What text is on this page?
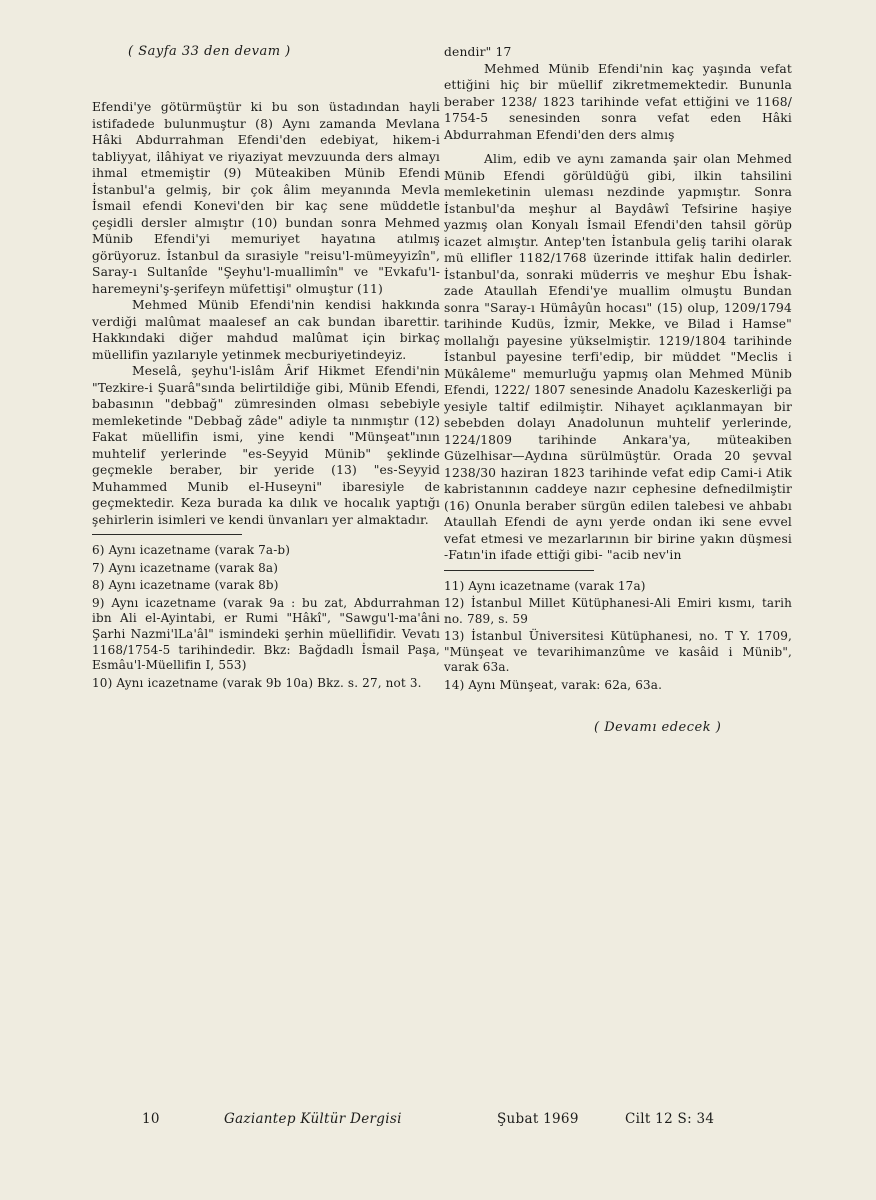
( Sayfa 33 den devam )

Efendi'ye götürmüştür ki bu son üstadından hayli istifadede bulunmuştur (8) Aynı zamanda Mevlana Hâki Abdurrahman Efendi'den edebiyat, hikem-i tabliyyat, ilâhiyat ve riyaziyat mevzuunda ders almayı ihmal etmemiştir (9) Müteakiben Münib Efendi İstanbul'a gelmiş, bir çok âlim meyanında Mevla İsmail efendi Konevi'den bir kaç sene müddetle çeşidli dersler almıştır (10) bundan sonra Mehmed Münib Efendi'yi memuriyet hayatına atılmış görüyoruz. İstanbul da sırasiyle "reisu'l-mümeyyizîn", Saray-ı Sultanîde "Şeyhu'l-muallimîn" ve "Evkafu'l-haremeyni'ş-şerifeyn müfettişi" olmuştur (11)

Mehmed Münib Efendi'nin kendisi hakkında verdiği malûmat maalesef an cak bundan ibarettir. Hakkındaki diğer mahdud malûmat için birkaç müellifin yazılarıyle yetinmek mecburiyetindeyiz.

Meselâ, şeyhu'l-islâm Ârif Hikmet Efendi'nin "Tezkire-i Şuarâ"sında belirtildiğe gibi, Münib Efendi, babasının "debbağ" zümresinden olması sebebiyle memleketinde "Debbağ zâde" adiyle ta nınmıştır (12) Fakat müellifin ismi, yine kendi "Münşeat"ının muhtelif yerlerinde "es-Seyyid Münib" şeklinde geçmekle beraber, bir yeride (13) "es-Seyyid Muhammed Munib el-Huseyni" ibaresiyle de geçmektedir. Keza burada ka dılık ve hocalık yaptığı şehirlerin isimleri ve kendi ünvanları yer almaktadır.

6) Aynı icazetname (varak 7a-b)
7) Aynı icazetname (varak 8a)
8) Aynı icazetname (varak 8b)
9) Aynı icazetname (varak 9a : bu zat, Abdurrahman ibn Ali el-Ayintabi, er Rumi "Hâkî", "Sawgu'l-ma'âni Şarhi Nazmi'lLa'âl" ismindeki şerhin müellifidir. Vevatı 1168/1754-5 tarihindedir. Bkz: Bağdadlı İsmail Paşa, Esmâu'l-Müellifin I, 553)
10) Aynı icazetname (varak 9b 10a) Bkz. s. 27, not 3.

dendir" 17

Mehmed Münib Efendi'nin kaç yaşında vefat ettiğini hiç bir müellif zikretmemektedir. Bununla beraber 1238/ 1823 tarihinde vefat ettiğini ve 1168/ 1754-5 senesinden sonra vefat eden Hâki Abdurrahman Efendi'den ders almış

Alim, edib ve aynı zamanda şair olan Mehmed Münib Efendi görüldüğü gibi, ilkin tahsilini memleketinin uleması nezdinde yapmıştır. Sonra İstanbul'da meşhur al Baydâwî Tefsirine haşiye yazmış olan Konyalı İsmail Efendi'den tahsil görüp icazet almıştır. Antep'ten İstanbula geliş tarihi olarak mü ellifler 1182/1768 üzerinde ittifak halin dedirler. İstanbul'da, sonraki müderris ve meşhur Ebu İshak-zade Ataullah Efendi'ye muallim olmuştu Bundan sonra "Saray-ı Hümâyûn hocası" (15) olup, 1209/1794 tarihinde Kudüs, İzmir, Mekke, ve Bilad i Hamse" mollalığı payesine yükselmiştir. 1219/1804 tarihinde İstanbul payesine terfi'edip, bir müddet "Meclis i Mükâleme" memurluğu yapmış olan Mehmed Münib Efendi, 1222/ 1807 senesinde Anadolu Kazeskerliği pa yesiyle taltif edilmiştir. Nihayet açıklanmayan bir sebebden dolayı Anadolunun muhtelif yerlerinde, 1224/1809 tarihinde Ankara'ya, müteakiben Güzelhisar—Aydına sürülmüştür. Orada 20 şevval 1238/30 haziran 1823 tarihinde vefat edip Cami-i Atik kabristanının caddeye nazır cephesine defnedilmiştir (16) Onunla beraber sürgün edilen talebesi ve ahbabı Ataullah Efendi de aynı yerde ondan iki sene evvel vefat etmesi ve mezarlarının bir birine yakın düşmesi -Fatın'in ifade ettiği gibi- "acib nev'in

11) Aynı icazetname (varak 17a)
12) İstanbul Millet Kütüphanesi-Ali Emiri kısmı, tarih no. 789, s. 59
13) İstanbul Üniversitesi Kütüphanesi, no. T Y. 1709, "Münşeat ve tevarihimanzûme ve kasâid i Münib", varak 63a.
14) Aynı Münşeat, varak: 62a, 63a.

( Devamı edecek )

10	Gaziantep Kültür Dergisi	Şubat 1969	Cilt 12 S: 34
